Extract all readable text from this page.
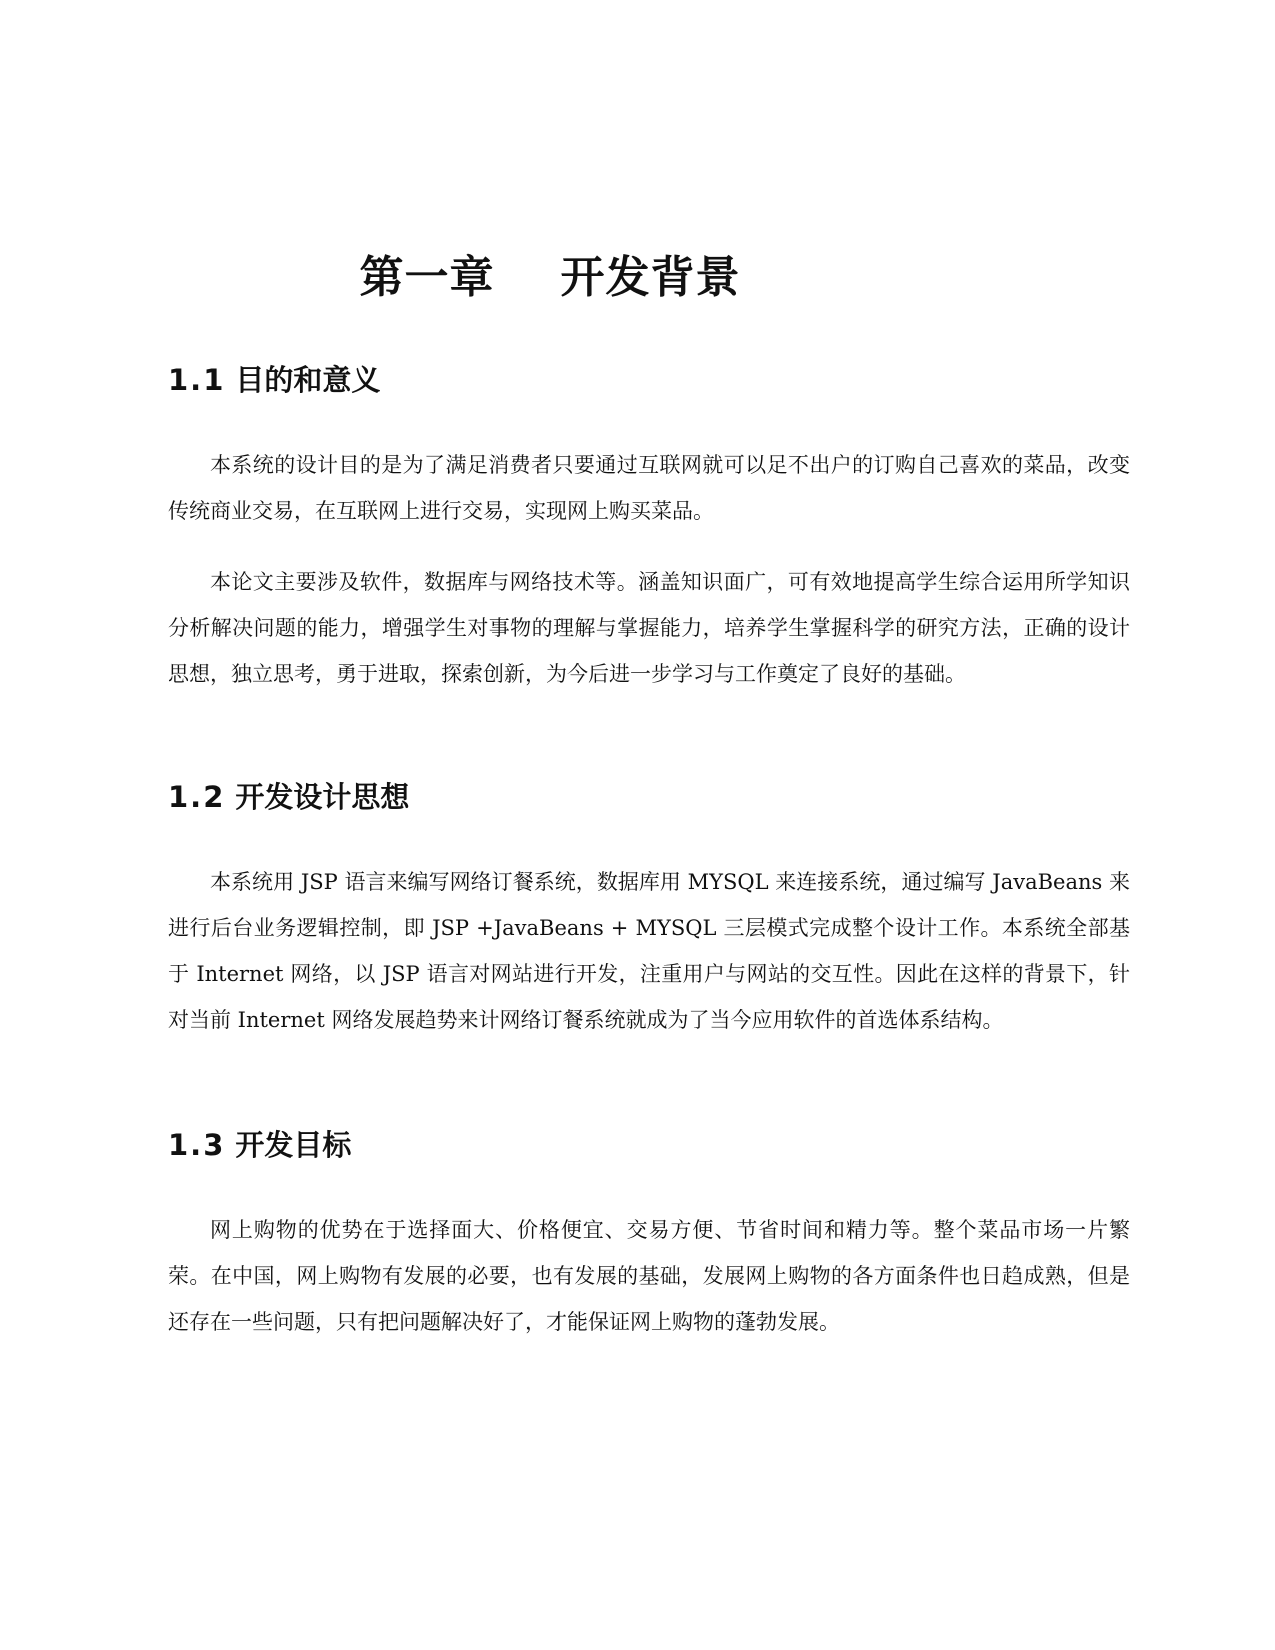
第一章 开发背景
1.1 目的和意义

本系统的设计目的是为了满足消费者只要通过互联网就可以足不出户的订购自己喜欢的菜品，改变传统商业交易，在互联网上进行交易，实现网上购买菜品。

本论文主要涉及软件，数据库与网络技术等。涵盖知识面广，可有效地提高学生综合运用所学知识分析解决问题的能力，增强学生对事物的理解与掌握能力，培养学生掌握科学的研究方法，正确的设计思想，独立思考，勇于进取，探索创新，为今后进一步学习与工作奠定了良好的基础。

1.2 开发设计思想

本系统用 JSP 语言来编写网络订餐系统，数据库用 MYSQL 来连接系统，通过编写 JavaBeans 来进行后台业务逻辑控制，即 JSP +JavaBeans + MYSQL 三层模式完成整个设计工作。本系统全部基于 Internet 网络，以 JSP 语言对网站进行开发，注重用户与网站的交互性。因此在这样的背景下，针对当前 Internet 网络发展趋势来计网络订餐系统就成为了当今应用软件的首选体系结构。

1.3 开发目标

网上购物的优势在于选择面大、价格便宜、交易方便、节省时间和精力等。整个菜品市场一片繁荣。在中国，网上购物有发展的必要，也有发展的基础，发展网上购物的各方面条件也日趋成熟，但是还存在一些问题，只有把问题解决好了，才能保证网上购物的蓬勃发展。
